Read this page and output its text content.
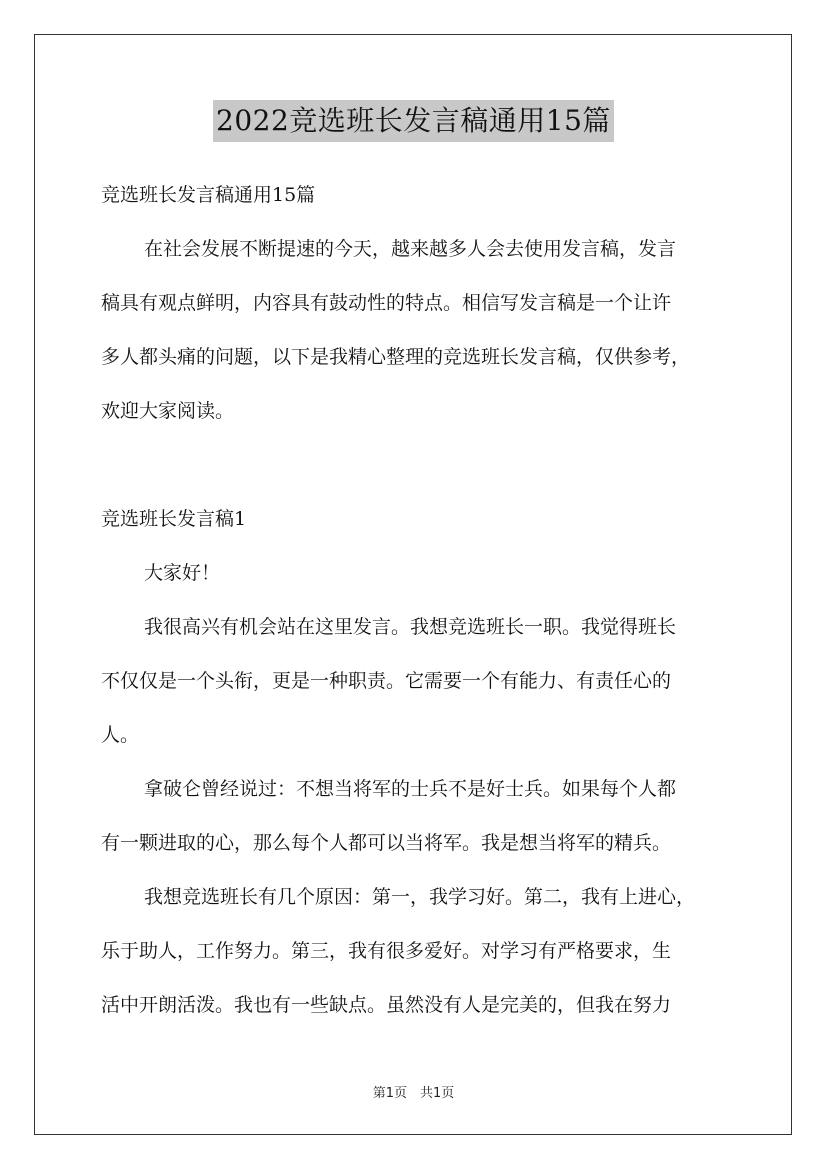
2022竞选班长发言稿通用15篇
竞选班长发言稿通用15篇
在社会发展不断提速的今天，越来越多人会去使用发言稿，发言
稿具有观点鲜明，内容具有鼓动性的特点。相信写发言稿是一个让许
多人都头痛的问题，以下是我精心整理的竞选班长发言稿，仅供参考，
欢迎大家阅读。
竞选班长发言稿1
大家好！
我很高兴有机会站在这里发言。我想竞选班长一职。我觉得班长
不仅仅是一个头衔，更是一种职责。它需要一个有能力、有责任心的
人。
拿破仑曾经说过：不想当将军的士兵不是好士兵。如果每个人都
有一颗进取的心，那么每个人都可以当将军。我是想当将军的精兵。
我想竞选班长有几个原因：第一，我学习好。第二，我有上进心，
乐于助人，工作努力。第三，我有很多爱好。对学习有严格要求，生
活中开朗活泼。我也有一些缺点。虽然没有人是完美的，但我在努力
第1页　共1页
